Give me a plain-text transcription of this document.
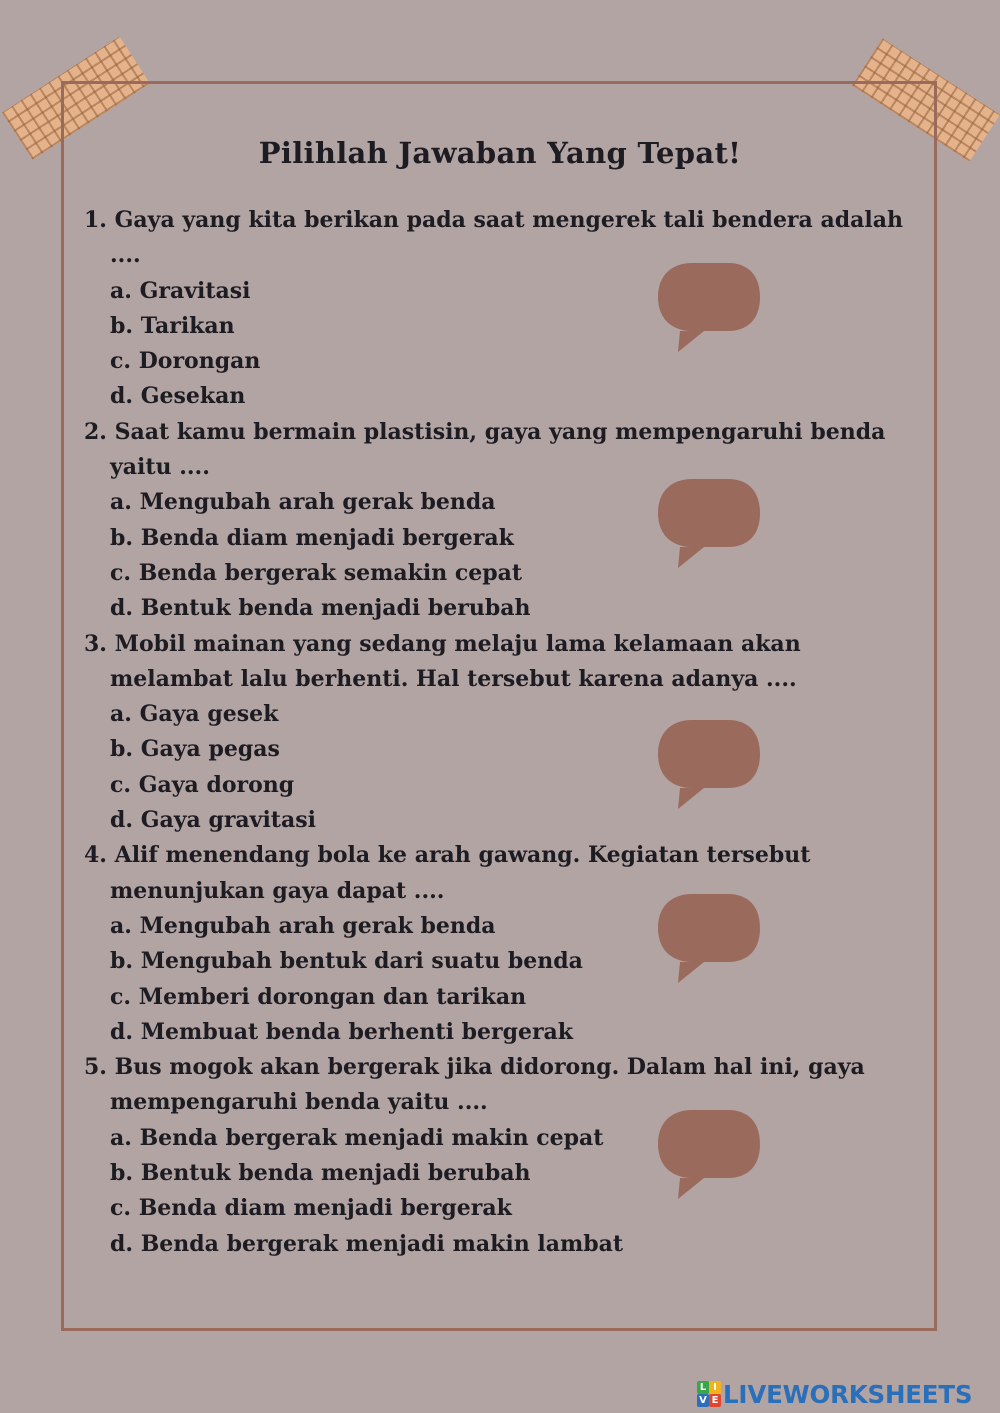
Pilihlah Jawaban Yang Tepat!
1. Gaya yang kita berikan pada saat mengerek tali bendera adalah
....
a. Gravitasi
b. Tarikan
c. Dorongan
d. Gesekan
2. Saat kamu bermain plastisin, gaya yang mempengaruhi benda
yaitu ....
a. Mengubah arah gerak benda
b. Benda diam menjadi bergerak
c. Benda bergerak semakin cepat
d. Bentuk benda menjadi berubah
3. Mobil mainan yang sedang melaju lama kelamaan akan
melambat lalu berhenti. Hal tersebut karena adanya ....
a. Gaya gesek
b. Gaya pegas
c. Gaya dorong
d. Gaya gravitasi
4. Alif menendang bola ke arah gawang. Kegiatan tersebut
menunjukan gaya dapat ....
a. Mengubah arah gerak benda
b. Mengubah bentuk dari suatu benda
c. Memberi dorongan dan tarikan
d. Membuat benda berhenti bergerak
5. Bus mogok akan bergerak jika didorong. Dalam hal ini, gaya
mempengaruhi benda yaitu ....
a. Benda bergerak menjadi makin cepat
b. Bentuk benda menjadi berubah
c. Benda diam menjadi bergerak
d. Benda bergerak menjadi makin lambat
L I
V E LIVEWORKSHEETS
